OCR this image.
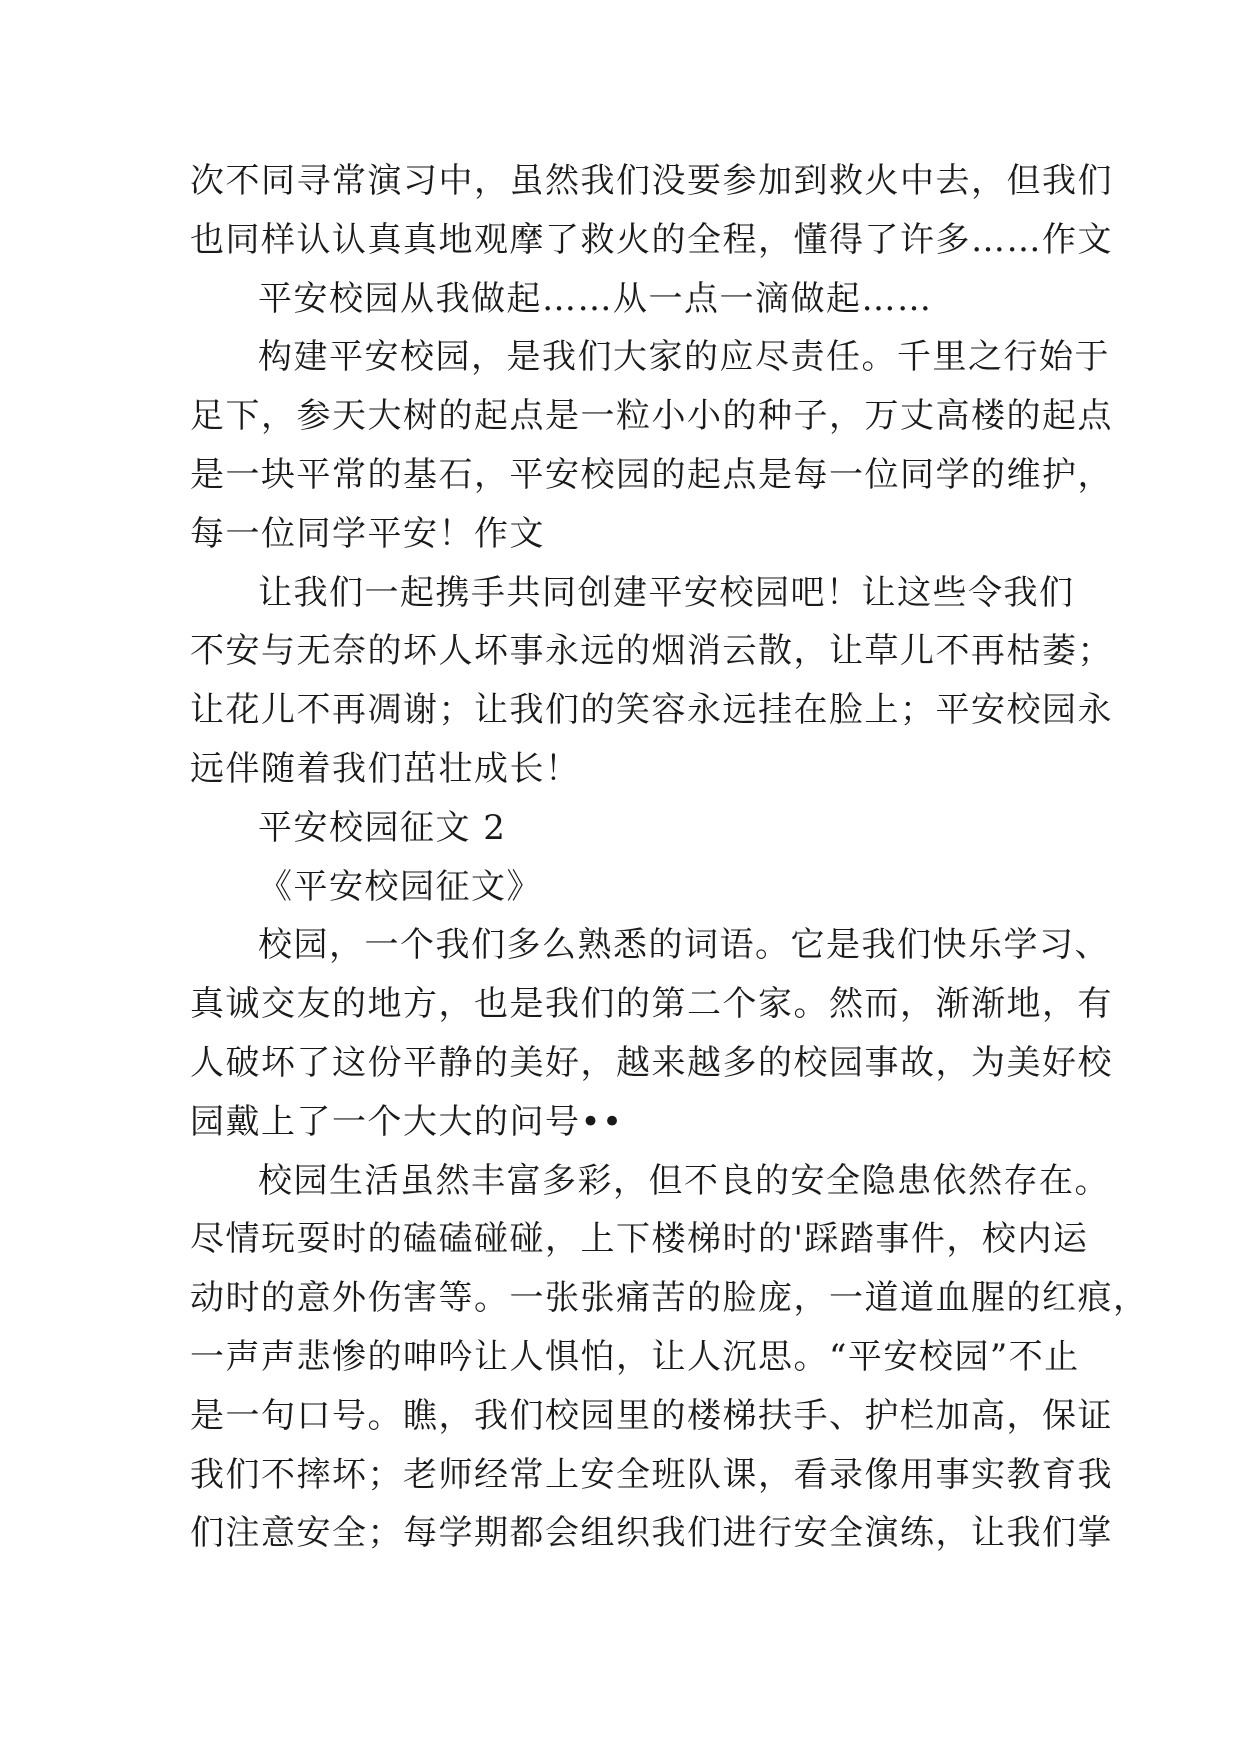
次不同寻常演习中，虽然我们没要参加到救火中去，但我们
也同样认认真真地观摩了救火的全程，懂得了许多……作文
平安校园从我做起……从一点一滴做起……
构建平安校园，是我们大家的应尽责任。千里之行始于
足下，参天大树的起点是一粒小小的种子，万丈高楼的起点
是一块平常的基石，平安校园的起点是每一位同学的维护，
每一位同学平安！作文
让我们一起携手共同创建平安校园吧！让这些令我们
不安与无奈的坏人坏事永远的烟消云散，让草儿不再枯萎；
让花儿不再凋谢；让我们的笑容永远挂在脸上；平安校园永
远伴随着我们茁壮成长！
平安校园征文 2
《平安校园征文》
校园，一个我们多么熟悉的词语。它是我们快乐学习、
真诚交友的地方，也是我们的第二个家。然而，渐渐地，有
人破坏了这份平静的美好，越来越多的校园事故，为美好校
园戴上了一个大大的问号••
校园生活虽然丰富多彩，但不良的安全隐患依然存在。
尽情玩耍时的磕磕碰碰，上下楼梯时的'踩踏事件，校内运
动时的意外伤害等。一张张痛苦的脸庞，一道道血腥的红痕，
一声声悲惨的呻吟让人惧怕，让人沉思。“平安校园”不止
是一句口号。瞧，我们校园里的楼梯扶手、护栏加高，保证
我们不摔坏；老师经常上安全班队课，看录像用事实教育我
们注意安全；每学期都会组织我们进行安全演练，让我们掌
